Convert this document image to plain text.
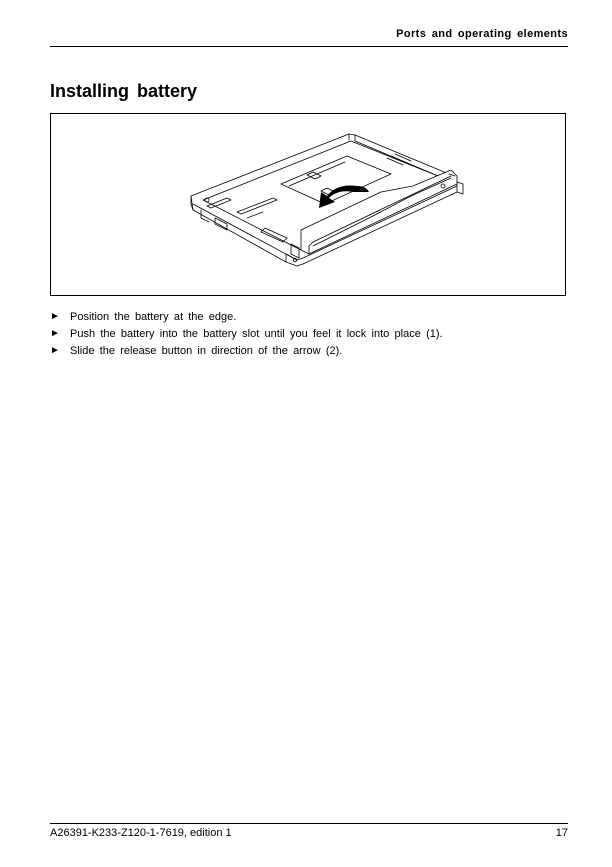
Ports and operating elements
Installing battery
► Position the battery at the edge.
► Push the battery into the battery slot until you feel it lock into place (1).
► Slide the release button in direction of the arrow (2).
A26391-K233-Z120-1-7619, edition 1	17
